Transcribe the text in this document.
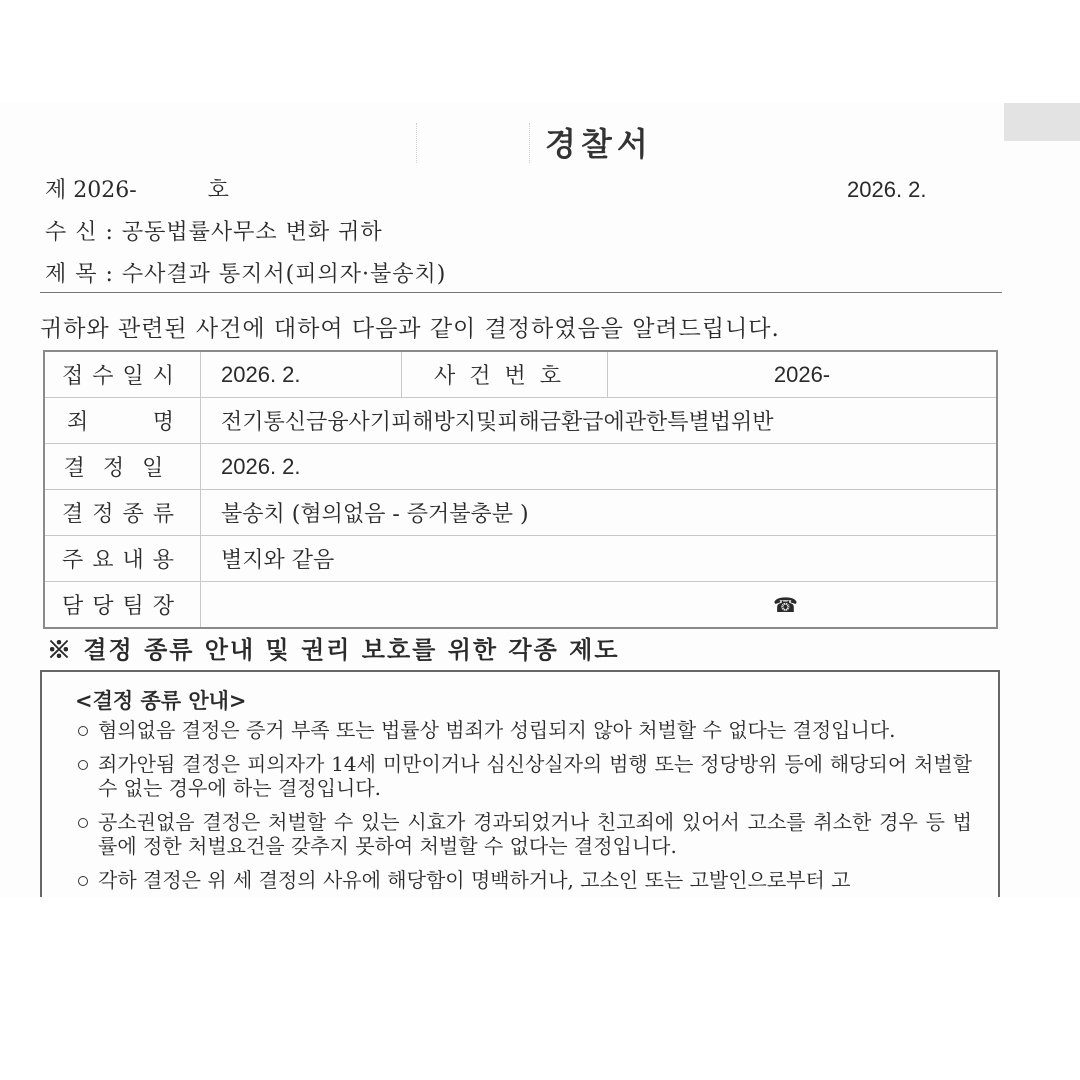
경찰서
제 2026-	호	2026. 2.
수 신 : 공동법률사무소 변화 귀하
제 목 : 수사결과 통지서(피의자·불송치)
귀하와 관련된 사건에 대하여 다음과 같이 결정하였음을 알려드립니다.
접수일시	2026. 2.	사건번호	2026-

죄 명	전기통신금융사기피해방지및피해금환급에관한특별법위반		
결정일	2026. 2.		
결정종류	불송치 (혐의없음 - 증거불충분 )		
주요내용	별지와 같음		
담당팀장	☎		
※ 결정 종류 안내 및 권리 보호를 위한 각종 제도
<결정 종류 안내>
혐의없음 결정은 증거 부족 또는 법률상 범죄가 성립되지 않아 처벌할 수 없다는 결정입니다.
죄가안됨 결정은 피의자가 14세 미만이거나 심신상실자의 범행 또는 정당방위 등에 해당되어 처벌할 수 없는 경우에 하는 결정입니다.
공소권없음 결정은 처벌할 수 있는 시효가 경과되었거나 친고죄에 있어서 고소를 취소한 경우 등 법률에 정한 처벌요건을 갖추지 못하여 처벌할 수 없다는 결정입니다.
각하 결정은 위 세 결정의 사유에 해당함이 명백하거나, 고소인 또는 고발인으로부터 고
